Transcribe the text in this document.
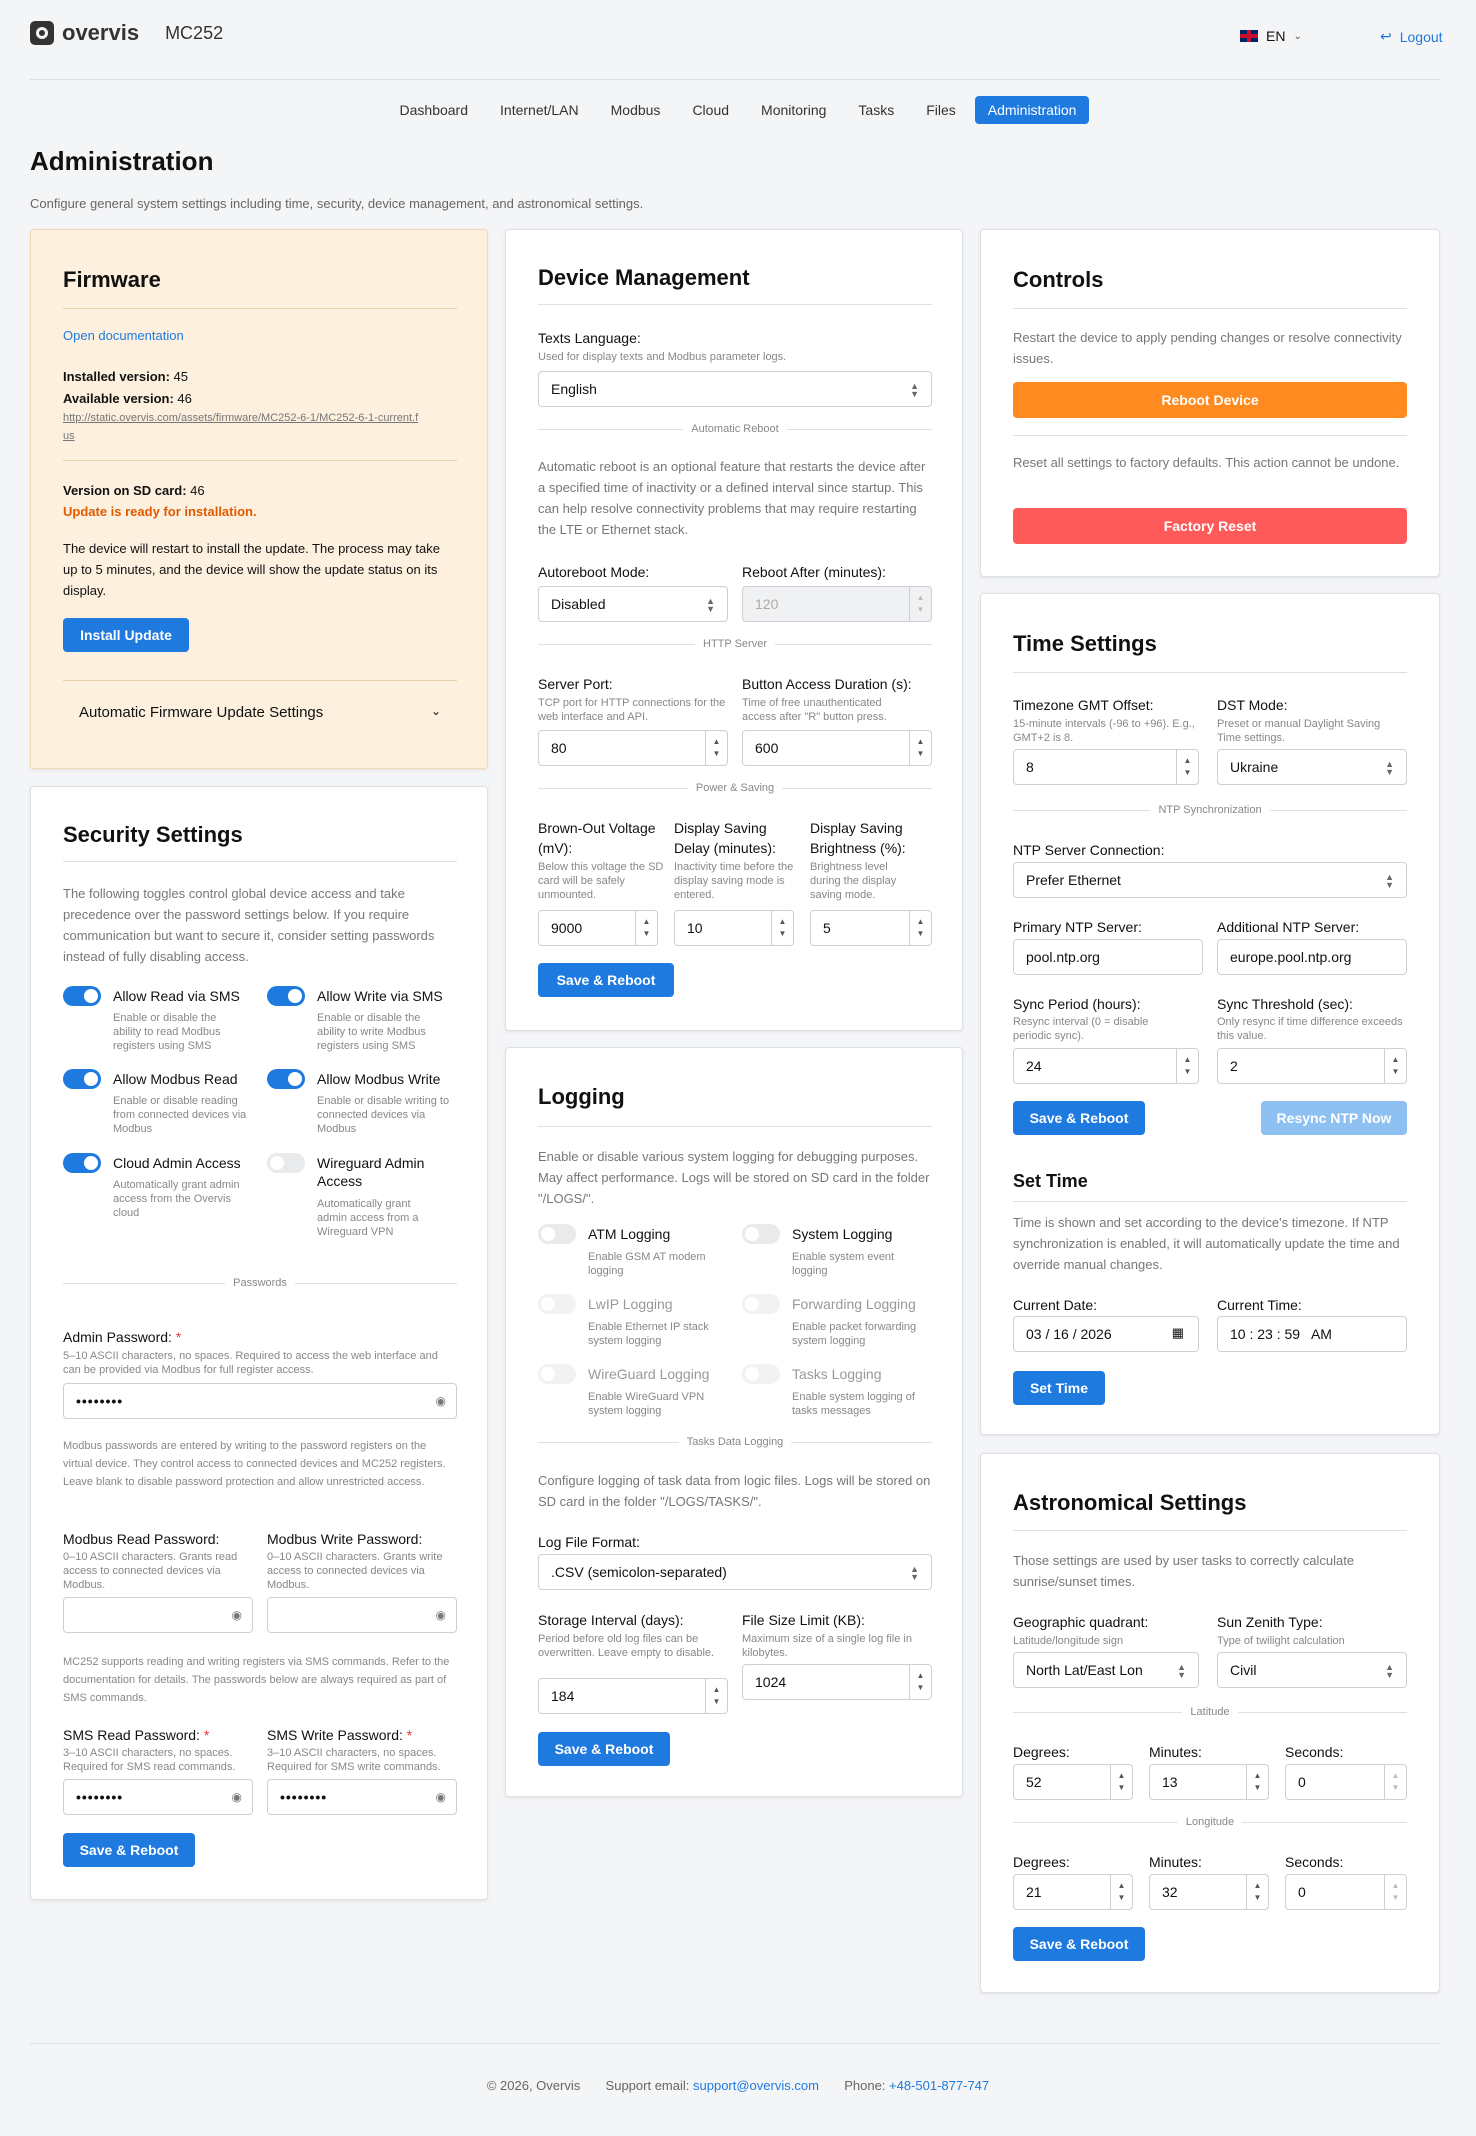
overvis MC252	EN ⌄	↩ Logout
Dashboard	Internet/LAN	Modbus	Cloud	Monitoring	Tasks	Files	Administration
Administration
Configure general system settings including time, security, device management, and astronomical settings.
Firmware
Open documentation
Installed version: 45
Available version: 46
http://static.overvis.com/assets/firmware/MC252-6-1/MC252-6-1-current.fus
Version on SD card: 46
Update is ready for installation.
The device will restart to install the update. The process may take up to 5 minutes, and the device will show the update status on its display.
Install Update
Automatic Firmware Update Settings	⌄
Security Settings
The following toggles control global device access and take precedence over the password settings below. If you require communication but want to secure it, consider setting passwords instead of fully disabling access.
Allow Read via SMS
Enable or disable the ability to read Modbus registers using SMS
Allow Write via SMS
Enable or disable the ability to write Modbus registers using SMS
Allow Modbus Read
Enable or disable reading from connected devices via Modbus
Allow Modbus Write
Enable or disable writing to connected devices via Modbus
Cloud Admin Access
Automatically grant admin access from the Overvis cloud
Wireguard Admin Access
Automatically grant admin access from a Wireguard VPN
Passwords
Admin Password: *
5–10 ASCII characters, no spaces. Required to access the web interface and can be provided via Modbus for full register access.
••••••••	◉
Modbus passwords are entered by writing to the password registers on the virtual device. They control access to connected devices and MC252 registers. Leave blank to disable password protection and allow unrestricted access.
Modbus Read Password:
0–10 ASCII characters. Grants read access to connected devices via Modbus.
◉
Modbus Write Password:
0–10 ASCII characters. Grants write access to connected devices via Modbus.
◉
MC252 supports reading and writing registers via SMS commands. Refer to the documentation for details. The passwords below are always required as part of SMS commands.
SMS Read Password: *
3–10 ASCII characters, no spaces. Required for SMS read commands.
••••••••	◉
SMS Write Password: *
3–10 ASCII characters, no spaces. Required for SMS write commands.
••••••••	◉
Save & Reboot
Device Management
Texts Language:
Used for display texts and Modbus parameter logs.
English	▲
▼
Automatic Reboot
Automatic reboot is an optional feature that restarts the device after a specified time of inactivity or a defined interval since startup. This can help resolve connectivity problems that may require restarting the LTE or Ethernet stack.
Autoreboot Mode:
Disabled	▲
▼
Reboot After (minutes):
120	▲
▼
HTTP Server
Server Port:
TCP port for HTTP connections for the web interface and API.
80	▲
▼
Button Access Duration (s):
Time of free unauthenticated access after "R" button press.
600	▲
▼
Power & Saving
Brown-Out Voltage (mV):
Below this voltage the SD card will be safely unmounted.
9000	▲
▼
Display Saving Delay (minutes):
Inactivity time before the display saving mode is entered.
10	▲
▼
Display Saving Brightness (%):
Brightness level during the display saving mode.
5	▲
▼
Save & Reboot
Logging
Enable or disable various system logging for debugging purposes. May affect performance. Logs will be stored on SD card in the folder "/LOGS/".
ATM Logging
Enable GSM AT modem logging
System Logging
Enable system event logging
LwIP Logging
Enable Ethernet IP stack system logging
Forwarding Logging
Enable packet forwarding system logging
WireGuard Logging
Enable WireGuard VPN system logging
Tasks Logging
Enable system logging of tasks messages
Tasks Data Logging
Configure logging of task data from logic files. Logs will be stored on SD card in the folder "/LOGS/TASKS/".
Log File Format:
.CSV (semicolon-separated)	▲
▼
Storage Interval (days):
Period before old log files can be overwritten. Leave empty to disable.
184	▲
▼
File Size Limit (KB):
Maximum size of a single log file in kilobytes.
1024	▲
▼
Save & Reboot
Controls
Restart the device to apply pending changes or resolve connectivity issues.
Reboot Device
Reset all settings to factory defaults. This action cannot be undone.
Factory Reset
Time Settings
Timezone GMT Offset:
15-minute intervals (-96 to +96). E.g., GMT+2 is 8.
8	▲
▼
DST Mode:
Preset or manual Daylight Saving Time settings.
Ukraine	▲
▼
NTP Synchronization
NTP Server Connection:
Prefer Ethernet	▲
▼
Primary NTP Server:
pool.ntp.org
Additional NTP Server:
europe.pool.ntp.org
Sync Period (hours):
Resync interval (0 = disable periodic sync).
24	▲
▼
Sync Threshold (sec):
Only resync if time difference exceeds this value.
2	▲
▼
Save & Reboot	Resync NTP Now
Set Time
Time is shown and set according to the device's timezone. If NTP synchronization is enabled, it will automatically update the time and override manual changes.
Current Date:
03 / 16 / 2026	▦
Current Time:
10 : 23 : 59   AM
Set Time
Astronomical Settings
Those settings are used by user tasks to correctly calculate sunrise/sunset times.
Geographic quadrant:
Latitude/longitude sign
North Lat/East Lon	▲
▼
Sun Zenith Type:
Type of twilight calculation
Civil	▲
▼
Latitude
Degrees:
52	▲
▼
Minutes:
13	▲
▼
Seconds:
0	▲
▼
Longitude
Degrees:
21	▲
▼
Minutes:
32	▲
▼
Seconds:
0	▲
▼
Save & Reboot
© 2026, Overvis Support email: support@overvis.com Phone: +48-501-877-747
